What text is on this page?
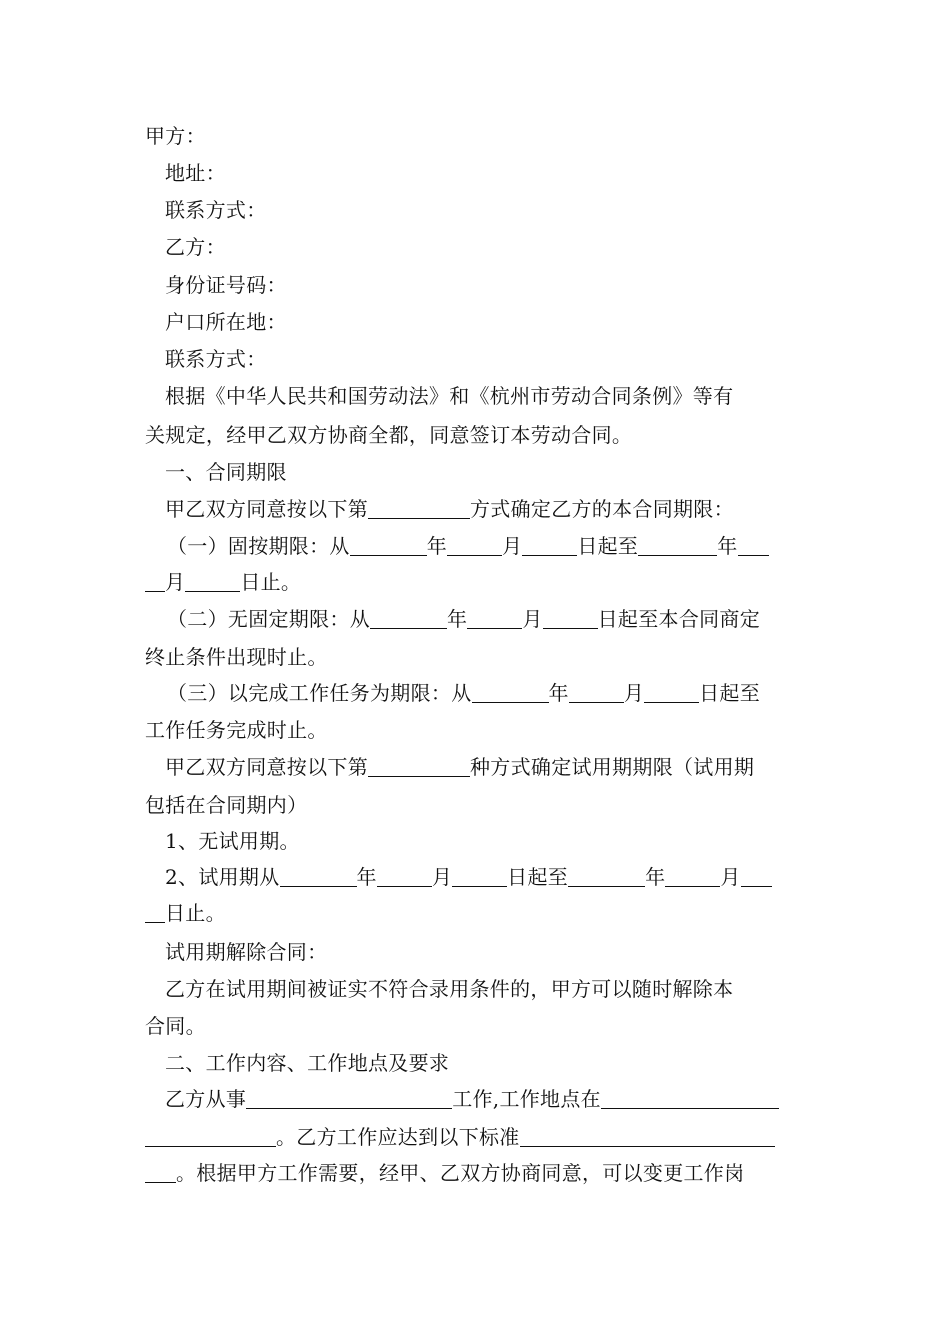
甲方：
地址：
联系方式：
乙方：
身份证号码：
户口所在地：
联系方式：
根据《中华人民共和国劳动法》和《杭州市劳动合同条例》等有
关规定，经甲乙双方协商全都，同意签订本劳动合同。
一、合同期限
甲乙双方同意按以下第	方式确定乙方的本合同期限：
（一）固按期限：从	年	月	日起至	年
月	日止。
（二）无固定期限：从	年	月	日起至本合同商定
终止条件出现时止。
（三）以完成工作任务为期限：从	年	月	日起至
工作任务完成时止。
甲乙双方同意按以下第	种方式确定试用期期限（试用期
包括在合同期内）
1、无试用期。
2、试用期从	年	月	日起至	年	月
日止。
试用期解除合同：
乙方在试用期间被证实不符合录用条件的，甲方可以随时解除本
合同。
二、工作内容、工作地点及要求
乙方从事	工作,工作地点在
。乙方工作应达到以下标准
。根据甲方工作需要，经甲、乙双方协商同意，可以变更工作岗
